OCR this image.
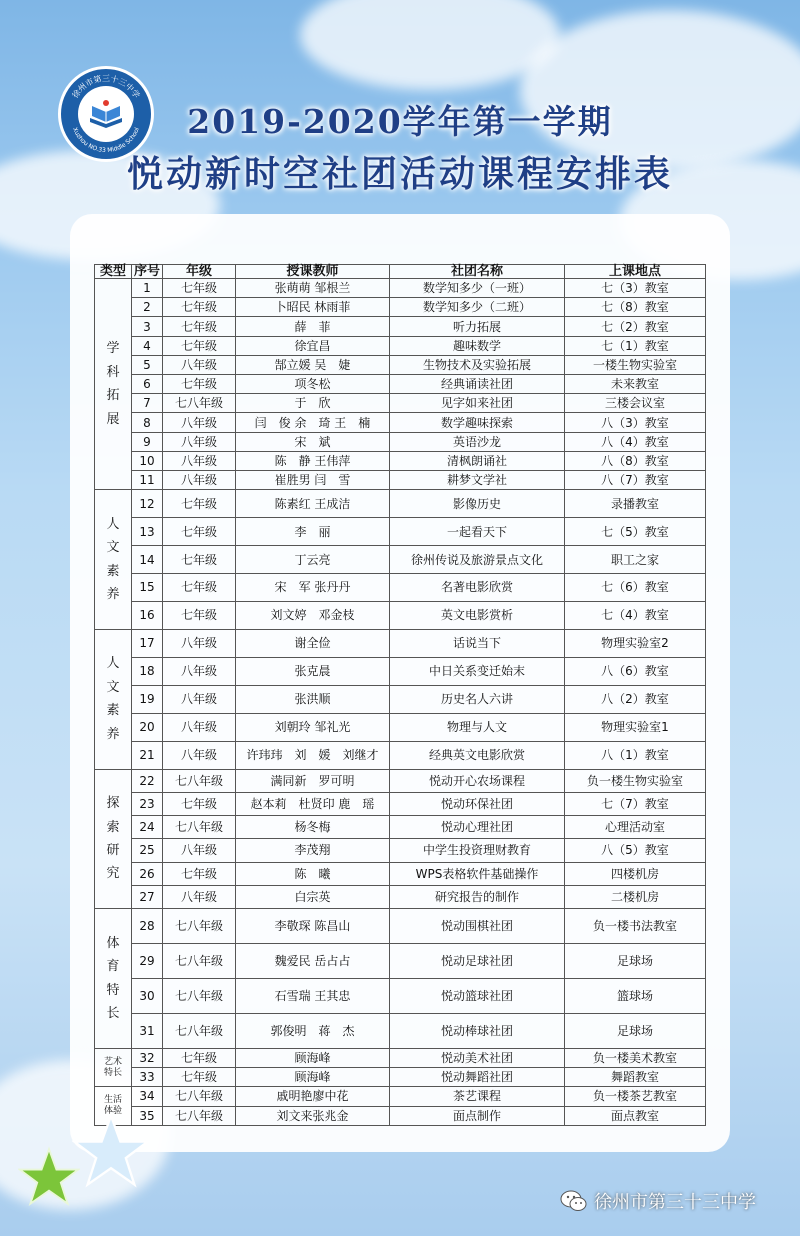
徐州市第三十三中学
Xuzhou NO.33 Middle School	2019-2020学年第一学期
悦动新时空社团活动课程安排表
类型	序号	年级	授课教师	社团名称	上课地点
学科拓展	1	七年级	张萌萌 邹根兰	数学知多少（一班）	七（3）教室
	2	七年级	卜昭民 林雨菲	数学知多少（二班）	七（8）教室
	3	七年级	薛　菲	听力拓展	七（2）教室
	4	七年级	徐宜昌	趣味数学	七（1）教室
	5	八年级	郜立媛 吴　婕	生物技术及实验拓展	一楼生物实验室
	6	七年级	项冬松	经典诵读社团	未来教室
	7	七八年级	于　欣	见字如来社团	三楼会议室
	8	八年级	闫　俊 余　琦 王　楠	数学趣味探索	八（3）教室
	9	八年级	宋　斌	英语沙龙	八（4）教室
	10	八年级	陈　静 王伟萍	清枫朗诵社	八（8）教室
	11	八年级	崔胜男 闫　雪	耕梦文学社	八（7）教室
人文素养	12	七年级	陈素红 王成洁	影像历史	录播教室
	13	七年级	李　丽	一起看天下	七（5）教室
	14	七年级	丁云亮	徐州传说及旅游景点文化	职工之家
	15	七年级	宋　军 张丹丹	名著电影欣赏	七（6）教室
	16	七年级	刘文婷　邓金枝	英文电影赏析	七（4）教室
人文素养	17	八年级	谢全俭	话说当下	物理实验室2
	18	八年级	张克晨	中日关系变迁始末	八（6）教室
	19	八年级	张洪顺	历史名人六讲	八（2）教室
	20	八年级	刘朝玲 邹礼光	物理与人文	物理实验室1
	21	八年级	许玮玮　刘　媛　刘继才	经典英文电影欣赏	八（1）教室
探索研究	22	七八年级	满同新　罗可明	悦动开心农场课程	负一楼生物实验室
	23	七年级	赵本莉　杜贤印 鹿　瑶	悦动环保社团	七（7）教室
	24	七八年级	杨冬梅	悦动心理社团	心理活动室
	25	八年级	李茂翔	中学生投资理财教育	八（5）教室
	26	七年级	陈　曦	WPS表格软件基础操作	四楼机房
	27	八年级	白宗英	研究报告的制作	二楼机房
体育特长	28	七八年级	李敬琛 陈昌山	悦动围棋社团	负一楼书法教室
	29	七八年级	魏爱民 岳占占	悦动足球社团	足球场
	30	七八年级	石雪瑞 王其忠	悦动篮球社团	篮球场
	31	七八年级	郭俊明　蒋　杰	悦动棒球社团	足球场
艺术特长	32	七年级	顾海峰	悦动美术社团	负一楼美术教室
	33	七年级	顾海峰	悦动舞蹈社团	舞蹈教室
生活体验	34	七八年级	戚明艳廖中花	茶艺课程	负一楼茶艺教室
	35	七八年级	刘文来张兆金	面点制作	面点教室
徐州市第三十三中学
